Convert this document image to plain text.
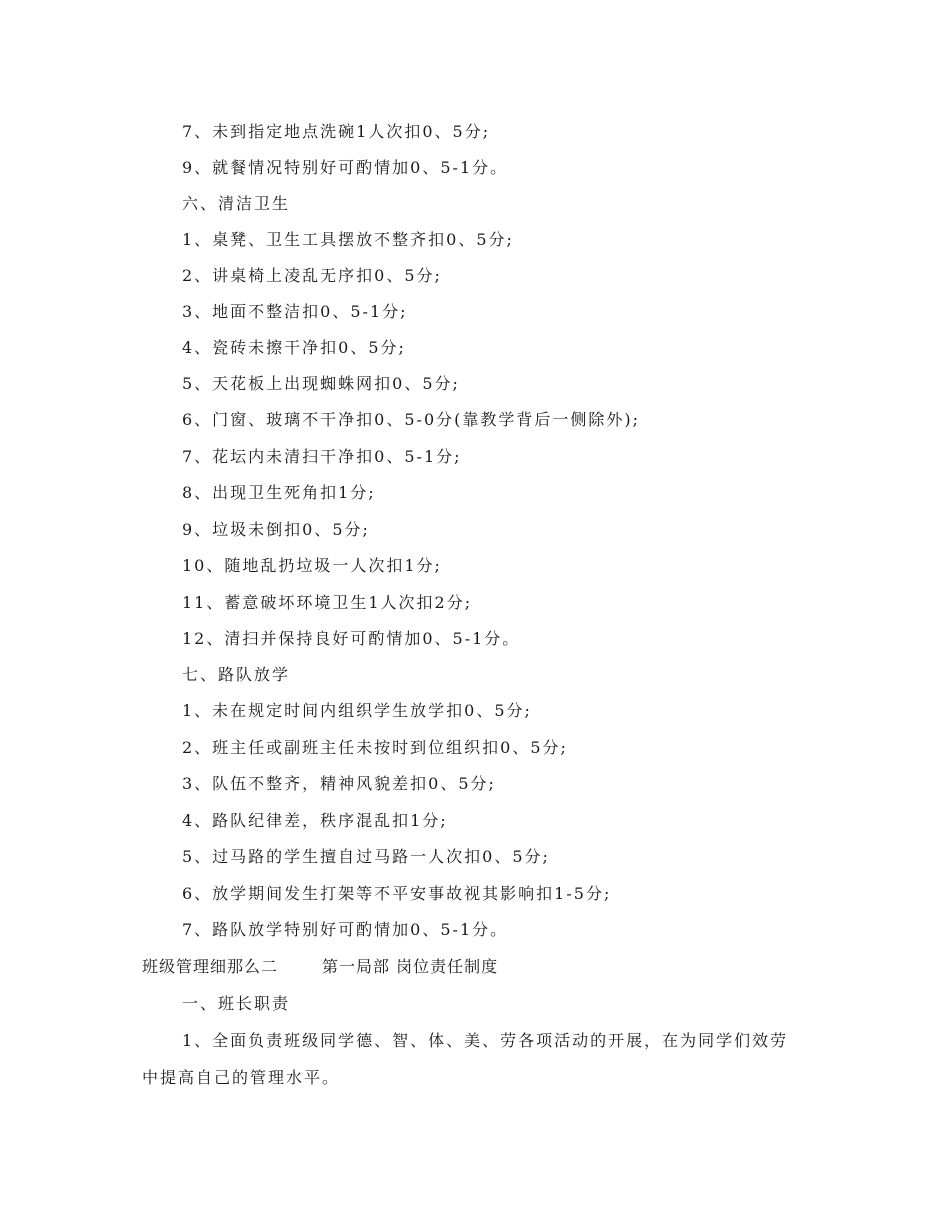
7、未到指定地点洗碗1人次扣0、5分;
9、就餐情况特别好可酌情加0、5-1分。
六、清洁卫生
1、桌凳、卫生工具摆放不整齐扣0、5分;
2、讲桌椅上凌乱无序扣0、5分;
3、地面不整洁扣0、5-1分;
4、瓷砖未擦干净扣0、5分;
5、天花板上出现蜘蛛网扣0、5分;
6、门窗、玻璃不干净扣0、5-0分(靠教学背后一侧除外);
7、花坛内未清扫干净扣0、5-1分;
8、出现卫生死角扣1分;
9、垃圾未倒扣0、5分;
10、随地乱扔垃圾一人次扣1分;
11、蓄意破坏环境卫生1人次扣2分;
12、清扫并保持良好可酌情加0、5-1分。
七、路队放学
1、未在规定时间内组织学生放学扣0、5分;
2、班主任或副班主任未按时到位组织扣0、5分;
3、队伍不整齐，精神风貌差扣0、5分;
4、路队纪律差，秩序混乱扣1分;
5、过马路的学生擅自过马路一人次扣0、5分;
6、放学期间发生打架等不平安事故视其影响扣1-5分;
7、路队放学特别好可酌情加0、5-1分。
班级管理细那么二	第一局部 岗位责任制度
一、班长职责
1、全面负责班级同学德、智、体、美、劳各项活动的开展，在为同学们效劳
中提高自己的管理水平。
